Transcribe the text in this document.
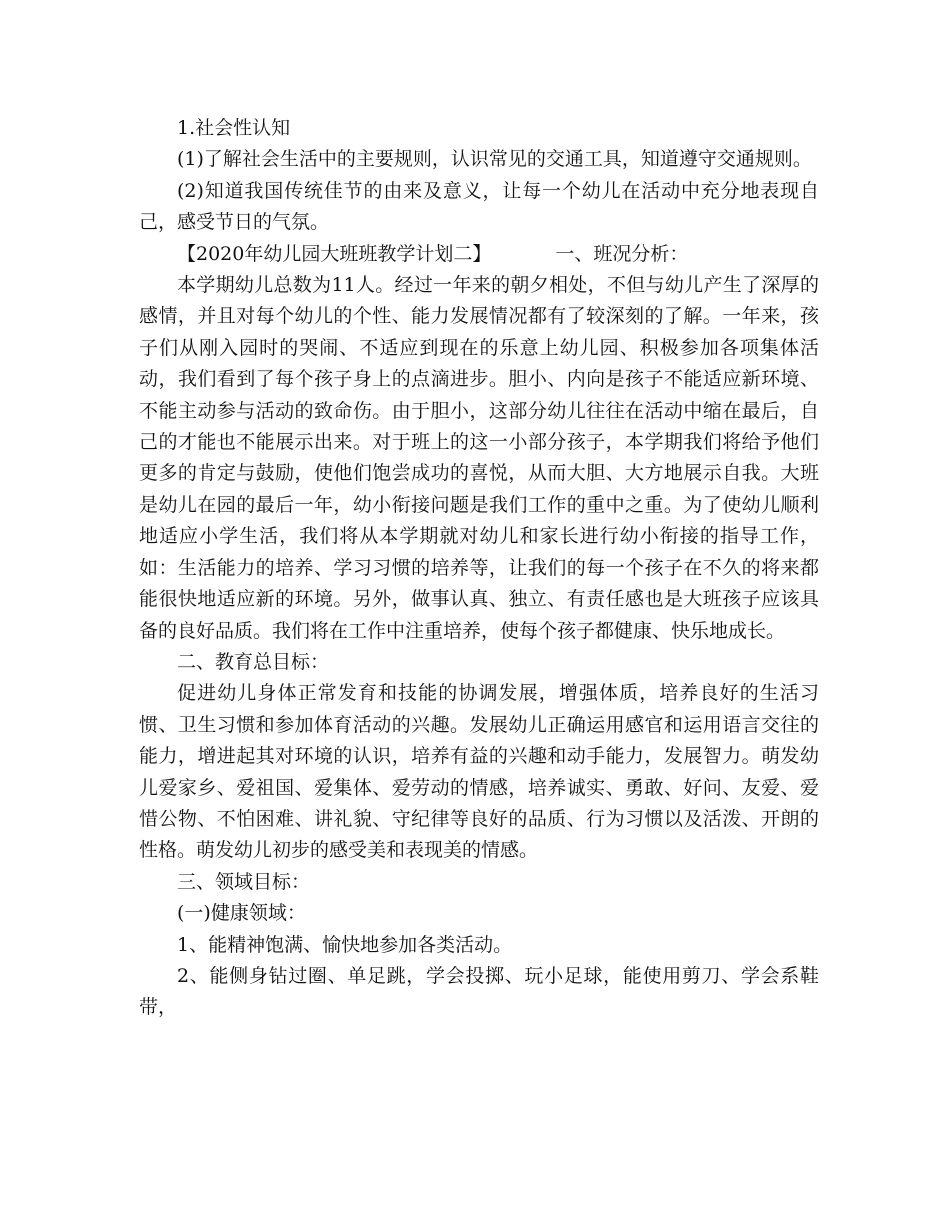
1.社会性认知

(1)了解社会生活中的主要规则，认识常见的交通工具，知道遵守交通规则。

(2)知道我国传统佳节的由来及意义，让每一个幼儿在活动中充分地表现自己，感受节日的气氛。

【2020年幼儿园大班班教学计划二】	一、班况分析：

本学期幼儿总数为11人。经过一年来的朝夕相处，不但与幼儿产生了深厚的感情，并且对每个幼儿的个性、能力发展情况都有了较深刻的了解。一年来，孩子们从刚入园时的哭闹、不适应到现在的乐意上幼儿园、积极参加各项集体活动，我们看到了每个孩子身上的点滴进步。胆小、内向是孩子不能适应新环境、不能主动参与活动的致命伤。由于胆小，这部分幼儿往往在活动中缩在最后，自己的才能也不能展示出来。对于班上的这一小部分孩子，本学期我们将给予他们更多的肯定与鼓励，使他们饱尝成功的喜悦，从而大胆、大方地展示自我。大班是幼儿在园的最后一年，幼小衔接问题是我们工作的重中之重。为了使幼儿顺利地适应小学生活，我们将从本学期就对幼儿和家长进行幼小衔接的指导工作，如：生活能力的培养、学习习惯的培养等，让我们的每一个孩子在不久的将来都能很快地适应新的环境。另外，做事认真、独立、有责任感也是大班孩子应该具备的良好品质。我们将在工作中注重培养，使每个孩子都健康、快乐地成长。

二、教育总目标：

促进幼儿身体正常发育和技能的协调发展，增强体质，培养良好的生活习惯、卫生习惯和参加体育活动的兴趣。发展幼儿正确运用感官和运用语言交往的能力，增进起其对环境的认识，培养有益的兴趣和动手能力，发展智力。萌发幼儿爱家乡、爱祖国、爱集体、爱劳动的情感，培养诚实、勇敢、好问、友爱、爱惜公物、不怕困难、讲礼貌、守纪律等良好的品质、行为习惯以及活泼、开朗的性格。萌发幼儿初步的感受美和表现美的情感。

三、领域目标：

(一)健康领域：

1、能精神饱满、愉快地参加各类活动。

2、能侧身钻过圈、单足跳，学会投掷、玩小足球，能使用剪刀、学会系鞋带，
